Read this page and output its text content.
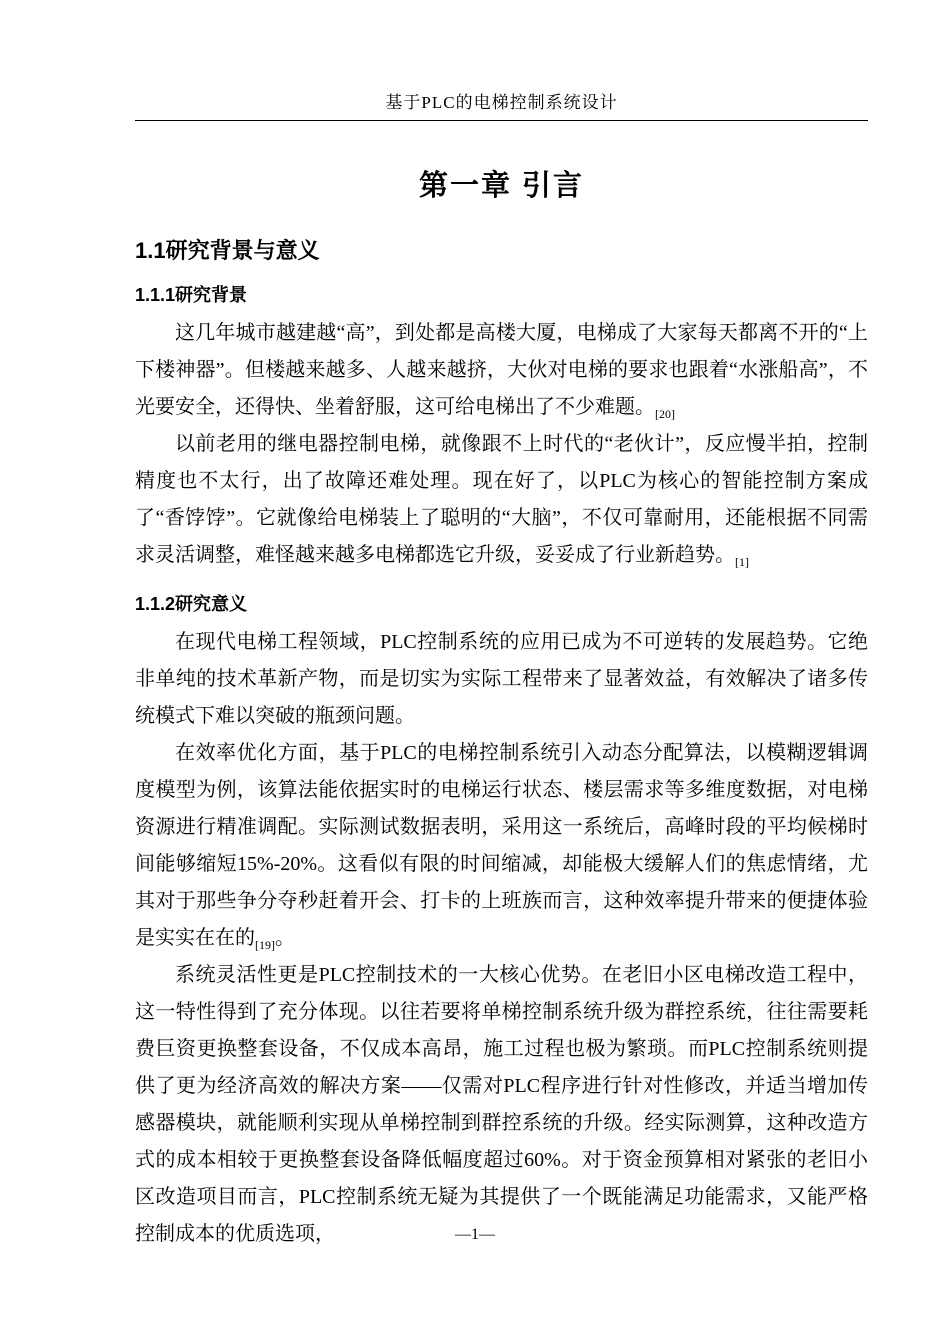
基于PLC的电梯控制系统设计
第一章 引言
1.1研究背景与意义
1.1.1研究背景

这几年城市越建越“高”，到处都是高楼大厦，电梯成了大家每天都离不开的“上下楼神器”。但楼越来越多、人越来越挤，大伙对电梯的要求也跟着“水涨船高”，不光要安全，还得快、坐着舒服，这可给电梯出了不少难题。$_{[20]}$

以前老用的继电器控制电梯，就像跟不上时代的“老伙计”，反应慢半拍，控制精度也不太行，出了故障还难处理。现在好了，以PLC为核心的智能控制方案成了“香饽饽”。它就像给电梯装上了聪明的“大脑”，不仅可靠耐用，还能根据不同需求灵活调整，难怪越来越多电梯都选它升级，妥妥成了行业新趋势。$_{[1]}$

1.1.2研究意义

在现代电梯工程领域，PLC控制系统的应用已成为不可逆转的发展趋势。它绝非单纯的技术革新产物，而是切实为实际工程带来了显著效益，有效解决了诸多传统模式下难以突破的瓶颈问题。

在效率优化方面，基于PLC的电梯控制系统引入动态分配算法，以模糊逻辑调度模型为例，该算法能依据实时的电梯运行状态、楼层需求等多维度数据，对电梯资源进行精准调配。实际测试数据表明，采用这一系统后，高峰时段的平均候梯时间能够缩短15%-20%。这看似有限的时间缩减，却能极大缓解人们的焦虑情绪，尤其对于那些争分夺秒赶着开会、打卡的上班族而言，这种效率提升带来的便捷体验是实实在在的$_{[19]}$。

系统灵活性更是PLC控制技术的一大核心优势。在老旧小区电梯改造工程中，这一特性得到了充分体现。以往若要将单梯控制系统升级为群控系统，往往需要耗费巨资更换整套设备，不仅成本高昂，施工过程也极为繁琐。而PLC控制系统则提供了更为经济高效的解决方案——仅需对PLC程序进行针对性修改，并适当增加传感器模块，就能顺利实现从单梯控制到群控系统的升级。经实际测算，这种改造方式的成本相较于更换整套设备降低幅度超过60%。对于资金预算相对紧张的老旧小区改造项目而言，PLC控制系统无疑为其提供了一个既能满足功能需求，又能严格控制成本的优质选项，	—1—
